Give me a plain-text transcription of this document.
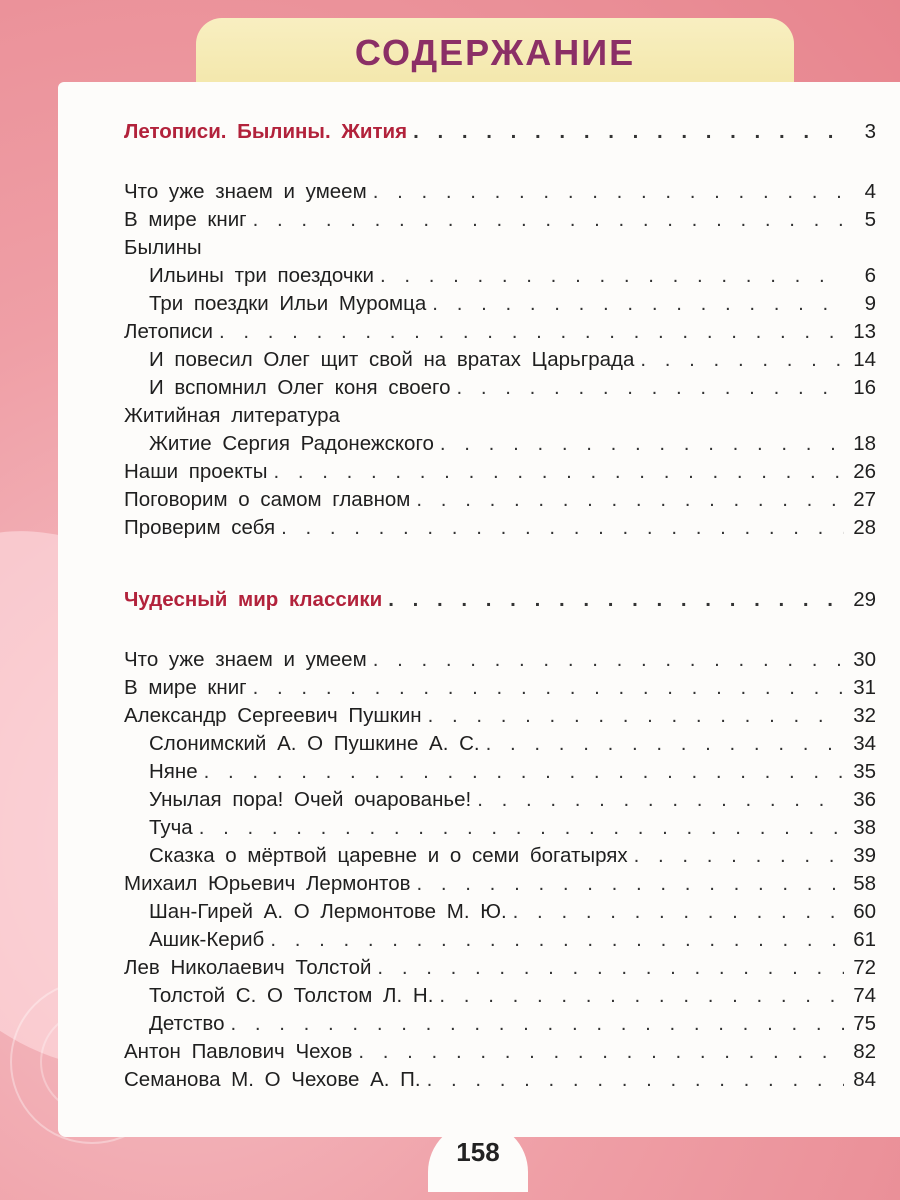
СОДЕРЖАНИЕ
Летописи. Былины. Жития . . .	3
Что уже знаем и умеем . . .	4
В мире книг . . .	5
Былины
Ильины три поездочки . . .	6
Три поездки Ильи Муромца . . .	9
Летописи . . .	13
И повесил Олег щит свой на вратах Царьграда . . .	14
И вспомнил Олег коня своего . . .	16
Житийная литература
Житие Сергия Радонежского . . .	18
Наши проекты . . .	26
Поговорим о самом главном . . .	27
Проверим себя . . .	28
Чудесный мир классики . . .	29
Что уже знаем и умеем . . .	30
В мире книг . . .	31
Александр Сергеевич Пушкин . . .	32
Слонимский А. О Пушкине А. С. . . .	34
Няне . . .	35
Унылая пора! Очей очарованье! . . .	36
Туча . . .	38
Сказка о мёртвой царевне и о семи богатырях . . .	39
Михаил Юрьевич Лермонтов . . .	58
Шан-Гирей А. О Лермонтове М. Ю. . . .	60
Ашик-Кериб . . .	61
Лев Николаевич Толстой . . .	72
Толстой С. О Толстом Л. Н. . . .	74
Детство . . .	75
Антон Павлович Чехов . . .	82
Семанова М. О Чехове А. П. . . .	84
158
